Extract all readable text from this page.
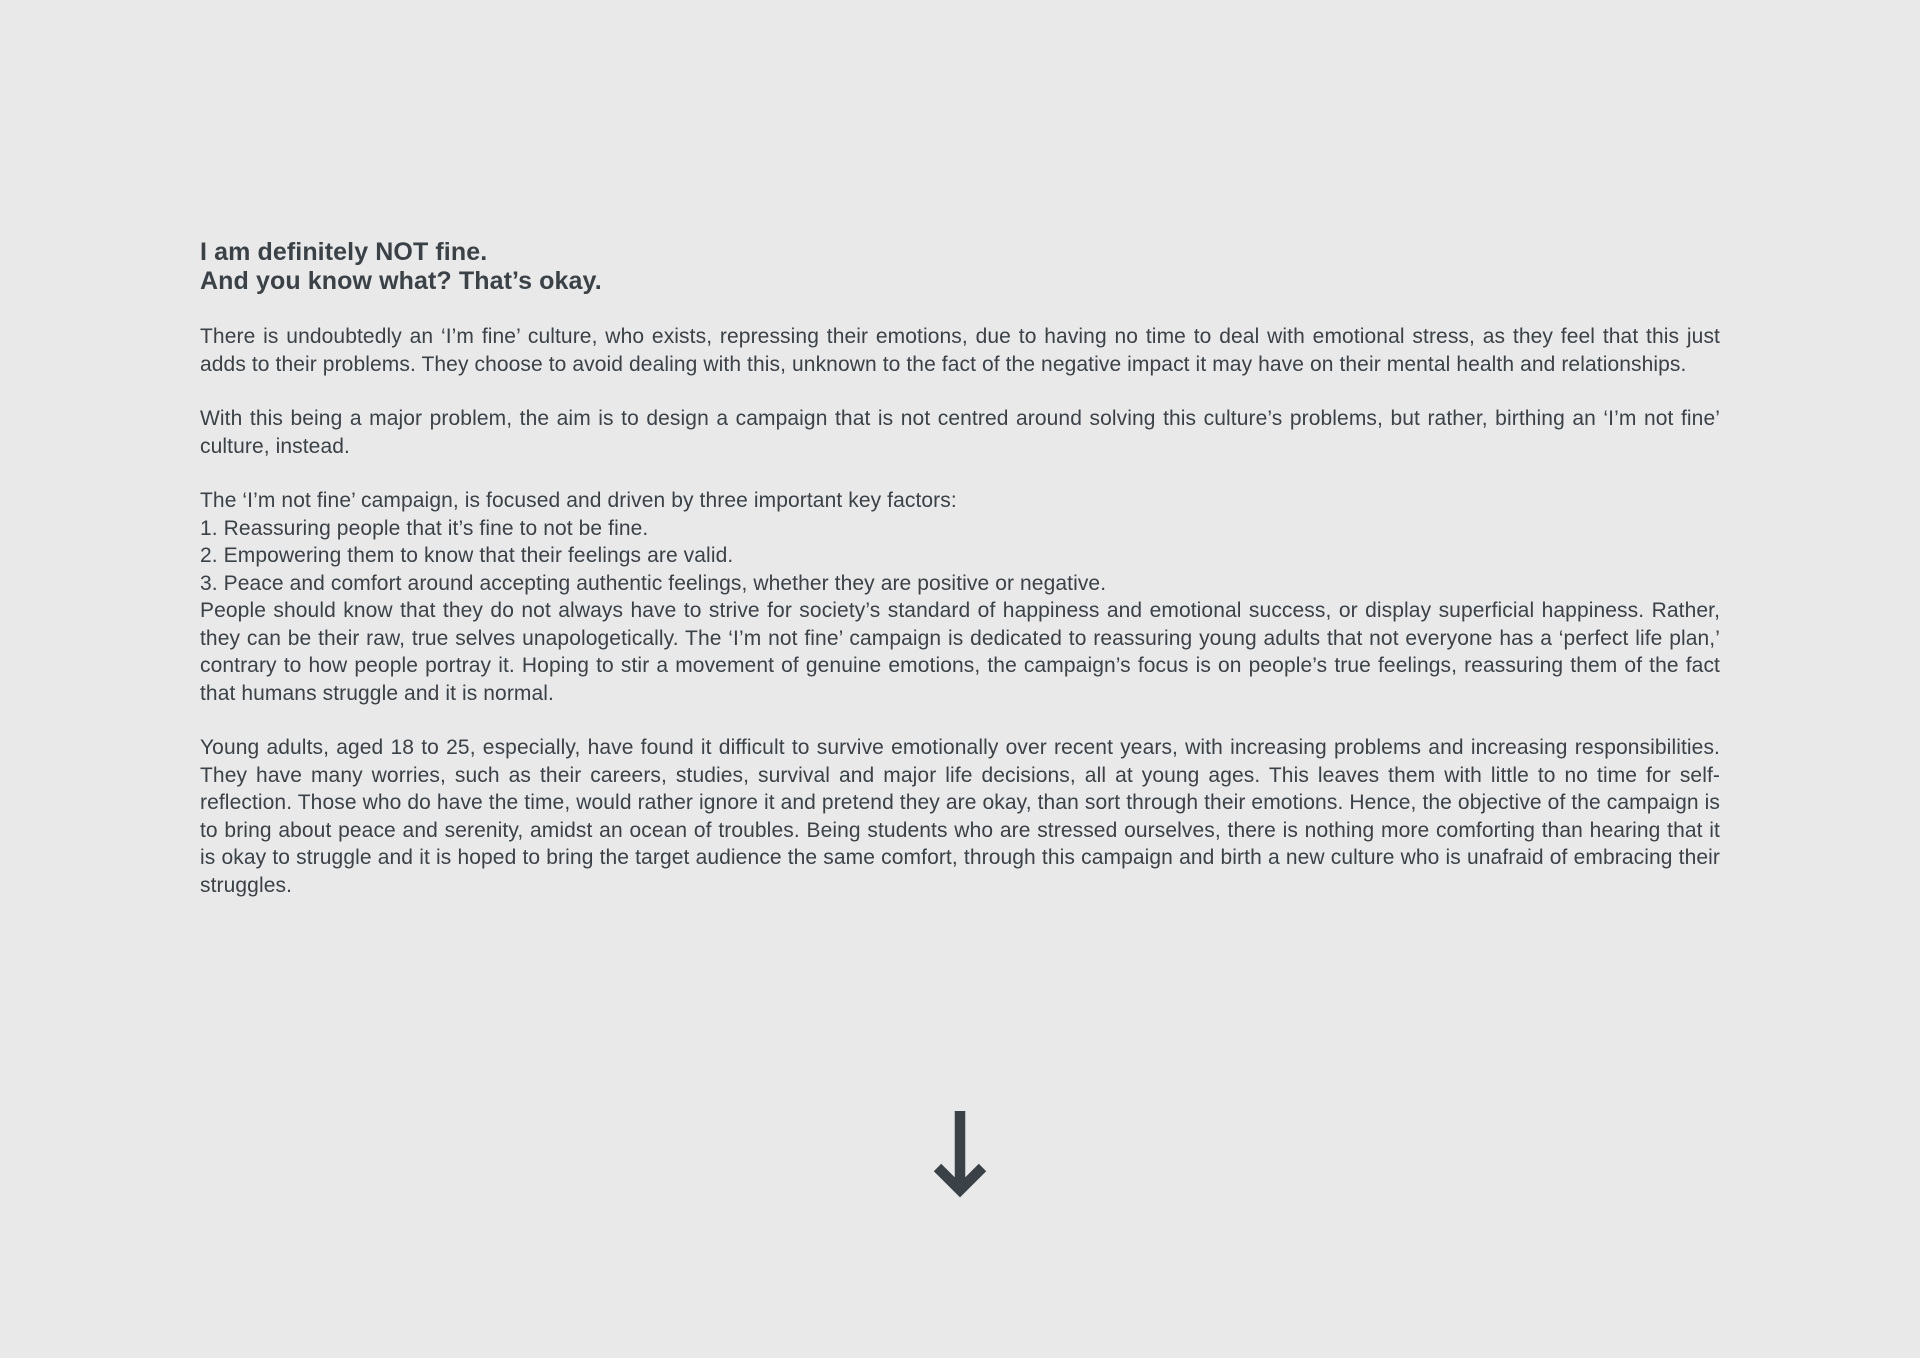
I am definitely NOT fine.
And you know what? That’s okay.

There is undoubtedly an ‘I’m fine’ culture, who exists, repressing their emotions, due to having no time to deal with emotional stress, as they feel that this just adds to their problems. They choose to avoid dealing with this, unknown to the fact of the negative impact it may have on their mental health and relationships.

With this being a major problem, the aim is to design a campaign that is not centred around solving this culture’s problems, but rather, birthing an ‘I’m not fine’ culture, instead.

The ‘I’m not fine’ campaign, is focused and driven by three important key factors:
1. Reassuring people that it’s fine to not be fine.
2. Empowering them to know that their feelings are valid.
3. Peace and comfort around accepting authentic feelings, whether they are positive or negative.

People should know that they do not always have to strive for society’s standard of happiness and emotional success, or display superficial happiness. Rather, they can be their raw, true selves unapologetically. The ‘I’m not fine’ campaign is dedicated to reassuring young adults that not everyone has a ‘perfect life plan,’ contrary to how people portray it. Hoping to stir a movement of genuine emotions, the campaign’s focus is on people’s true feelings, reassuring them of the fact that humans struggle and it is normal.

Young adults, aged 18 to 25, especially, have found it difficult to survive emotionally over recent years, with increasing problems and increasing responsibilities. They have many worries, such as their careers, studies, survival and major life decisions, all at young ages. This leaves them with little to no time for self-reflection. Those who do have the time, would rather ignore it and pretend they are okay, than sort through their emotions. Hence, the objective of the campaign is to bring about peace and serenity, amidst an ocean of troubles. Being students who are stressed ourselves, there is nothing more comforting than hearing that it is okay to struggle and it is hoped to bring the target audience the same comfort, through this campaign and birth a new culture who is unafraid of embracing their struggles.
